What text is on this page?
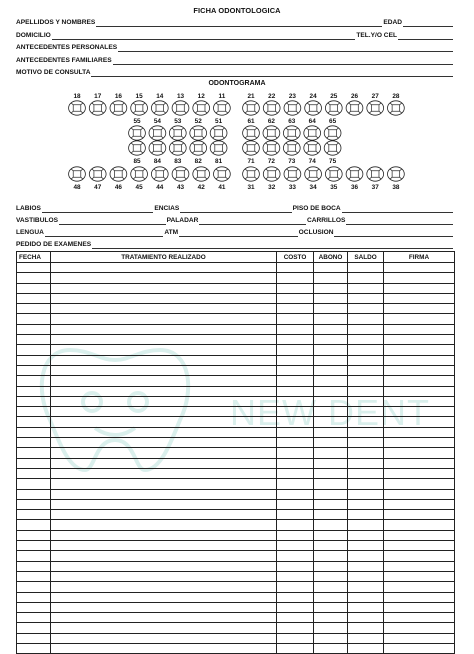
FICHA ODONTOLOGICA
APELLIDOS Y NOMBRES	EDAD
DOMICILIO	TEL.Y/O CEL
ANTECEDENTES PERSONALES
ANTECEDENTES FAMILIARES
MOTIVO DE CONSULTA
ODONTOGRAMA
18 17 16 15 14 13 12 11	21 22 23 24 25 26 27 28
55 54 53 52 51	61 62 63 64 65
85 84 83 82 81	71 72 73 74 75
48 47 46 45 44 43 42 41	31 32 33 34 35 36 37 38
LABIOS	ENCIAS	PISO DE BOCA
VASTIBULOS	PALADAR	CARRILLOS
LENGUA	ATM	OCLUSION
PEDIDO DE EXAMENES
NEW DENT
FECHA	TRATAMIENTO REALIZADO	COSTO	ABONO	SALDO	FIRMA
